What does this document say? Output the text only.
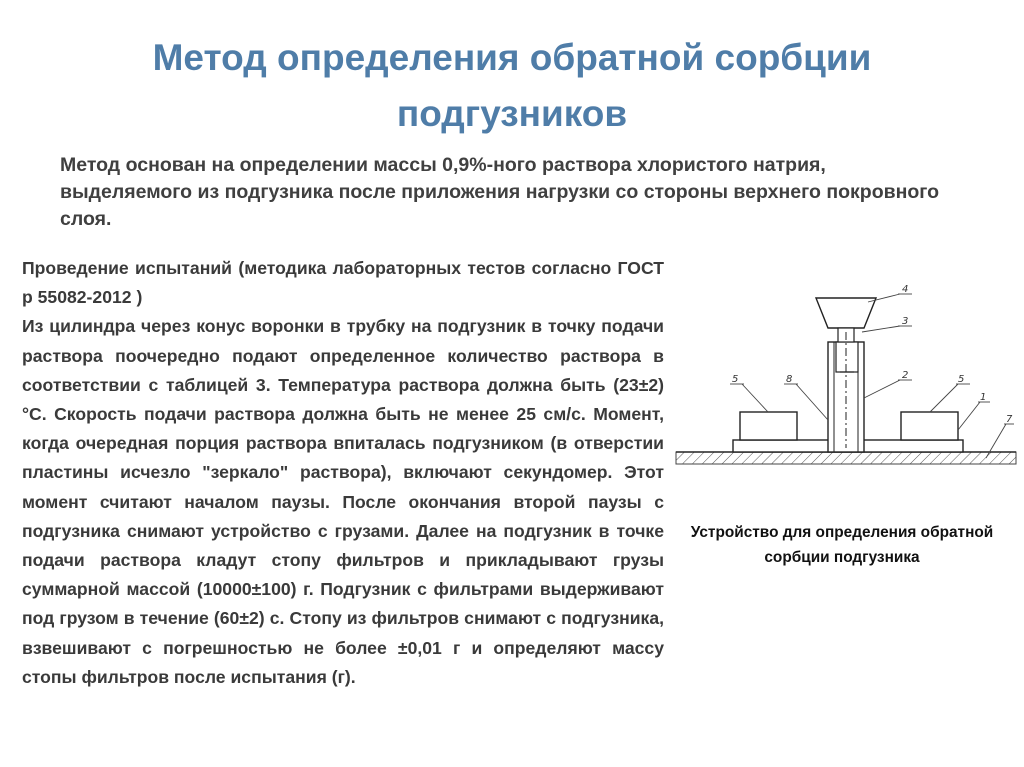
Метод определения обратной сорбции подгузников
Метод основан на определении массы 0,9%-ного раствора хлористого натрия, выделяемого из подгузника после приложения нагрузки со стороны верхнего покровного слоя.

Проведение испытаний (методика лабораторных тестов согласно ГОСТ р 55082-2012 )

Из цилиндра через конус воронки в трубку на подгузник в точку подачи раствора поочередно подают определенное количество раствора в соответствии с таблицей 3. Температура раствора должна быть (23±2)°С. Скорость подачи раствора должна быть не менее 25 см/с. Момент, когда очередная порция раствора впиталась подгузником (в отверстии пластины исчезло "зеркало" раствора), включают секундомер. Этот момент считают началом паузы. После окончания второй паузы с подгузника снимают устройство с грузами. Далее на подгузник в точке подачи раствора кладут стопу фильтров и прикладывают грузы суммарной массой (10000±100) г. Подгузник с фильтрами выдерживают под грузом в течение (60±2) с. Стопу из фильтров снимают с подгузника, взвешивают с погрешностью не более ±0,01 г и определяют массу стопы фильтров после испытания (г).

4
3
2
1
7
5	5
8
Устройство для определения обратной сорбции подгузника
